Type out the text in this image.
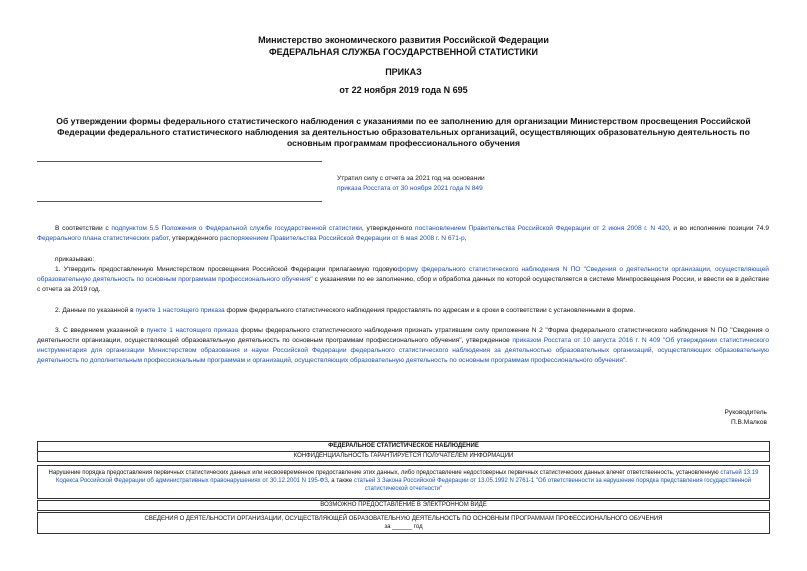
Министерство экономического развития Российской Федерации
ФЕДЕРАЛЬНАЯ СЛУЖБА ГОСУДАРСТВЕННОЙ СТАТИСТИКИ
ПРИКАЗ
от 22 ноября 2019 года N 695
Об утверждении формы федерального статистического наблюдения с указаниями по ее заполнению для организации Министерством просвещения Российской Федерации федерального статистического наблюдения за деятельностью образовательных организаций, осуществляющих образовательную деятельность по основным программам профессионального обучения
Утратил силу с отчета за 2021 год на основании
приказа Росстата от 30 ноября 2021 года N 849
В соответствии с подпунктом 5.5 Положения о Федеральной службе государственной статистики, утвержденного постановлением Правительства Российской Федерации от 2 июня 2008 г. N 420, и во исполнение позиции 74.9 Федерального плана статистических работ, утвержденного распоряжением Правительства Российской Федерации от 6 мая 2008 г. N 671-р,
приказываю:
1. Утвердить предоставленную Министерством просвещения Российской Федерации прилагаемую годовуюформу федерального статистического наблюдения N ПО "Сведения о деятельности организации, осуществляющей образовательную деятельность по основным программам профессионального обучения" с указаниями по ее заполнению, сбор и обработка данных по которой осуществляется в системе Минпросвещения России, и ввести ее в действие с отчета за 2019 год.
2. Данные по указанной в пункте 1 настоящего приказа форме федерального статистического наблюдения предоставлять по адресам и в сроки в соответствии с установленными в форме.
3. С введением указанной в пункте 1 настоящего приказа формы федерального статистического наблюдения признать утратившим силу приложение N 2 "Форма федерального статистического наблюдения N ПО "Сведения о деятельности организации, осуществляющей образовательную деятельность по основным программам профессионального обучения", утвержденное приказом Росстата от 10 августа 2016 г. N 409 "Об утверждении статистического инструментария для организации Министерством образования и науки Российской Федерации федерального статистического наблюдения за деятельностью образовательных организаций, осуществляющих образовательную деятельность по дополнительным профессиональным программам и организаций, осуществляющих образовательную деятельность по основным программам профессионального обучения".
Руководитель
П.В.Малков
ФЕДЕРАЛЬНОЕ СТАТИСТИЧЕСКОЕ НАБЛЮДЕНИЕ
КОНФИДЕНЦИАЛЬНОСТЬ ГАРАНТИРУЕТСЯ ПОЛУЧАТЕЛЕМ ИНФОРМАЦИИ
Нарушение порядка предоставления первичных статистических данных или несвоевременное предоставление этих данных, либо предоставление недостоверных первичных статистических данных влечет ответственность, установленную статьей 13.19 Кодекса Российской Федерации об административных правонарушениях от 30.12.2001 N 195-ФЗ, а также статьей 3 Закона Российской Федерации от 13.05.1992 N 2761-1 "Об ответственности за нарушение порядка представления государственной статистической отчетности"
ВОЗМОЖНО ПРЕДОСТАВЛЕНИЕ В ЭЛЕКТРОННОМ ВИДЕ
СВЕДЕНИЯ О ДЕЯТЕЛЬНОСТИ ОРГАНИЗАЦИИ, ОСУЩЕСТВЛЯЮЩЕЙ ОБРАЗОВАТЕЛЬНУЮ ДЕЯТЕЛЬНОСТЬ ПО ОСНОВНЫМ ПРОГРАММАМ ПРОФЕССИОНАЛЬНОГО ОБУЧЕНИЯ
за ______ год
